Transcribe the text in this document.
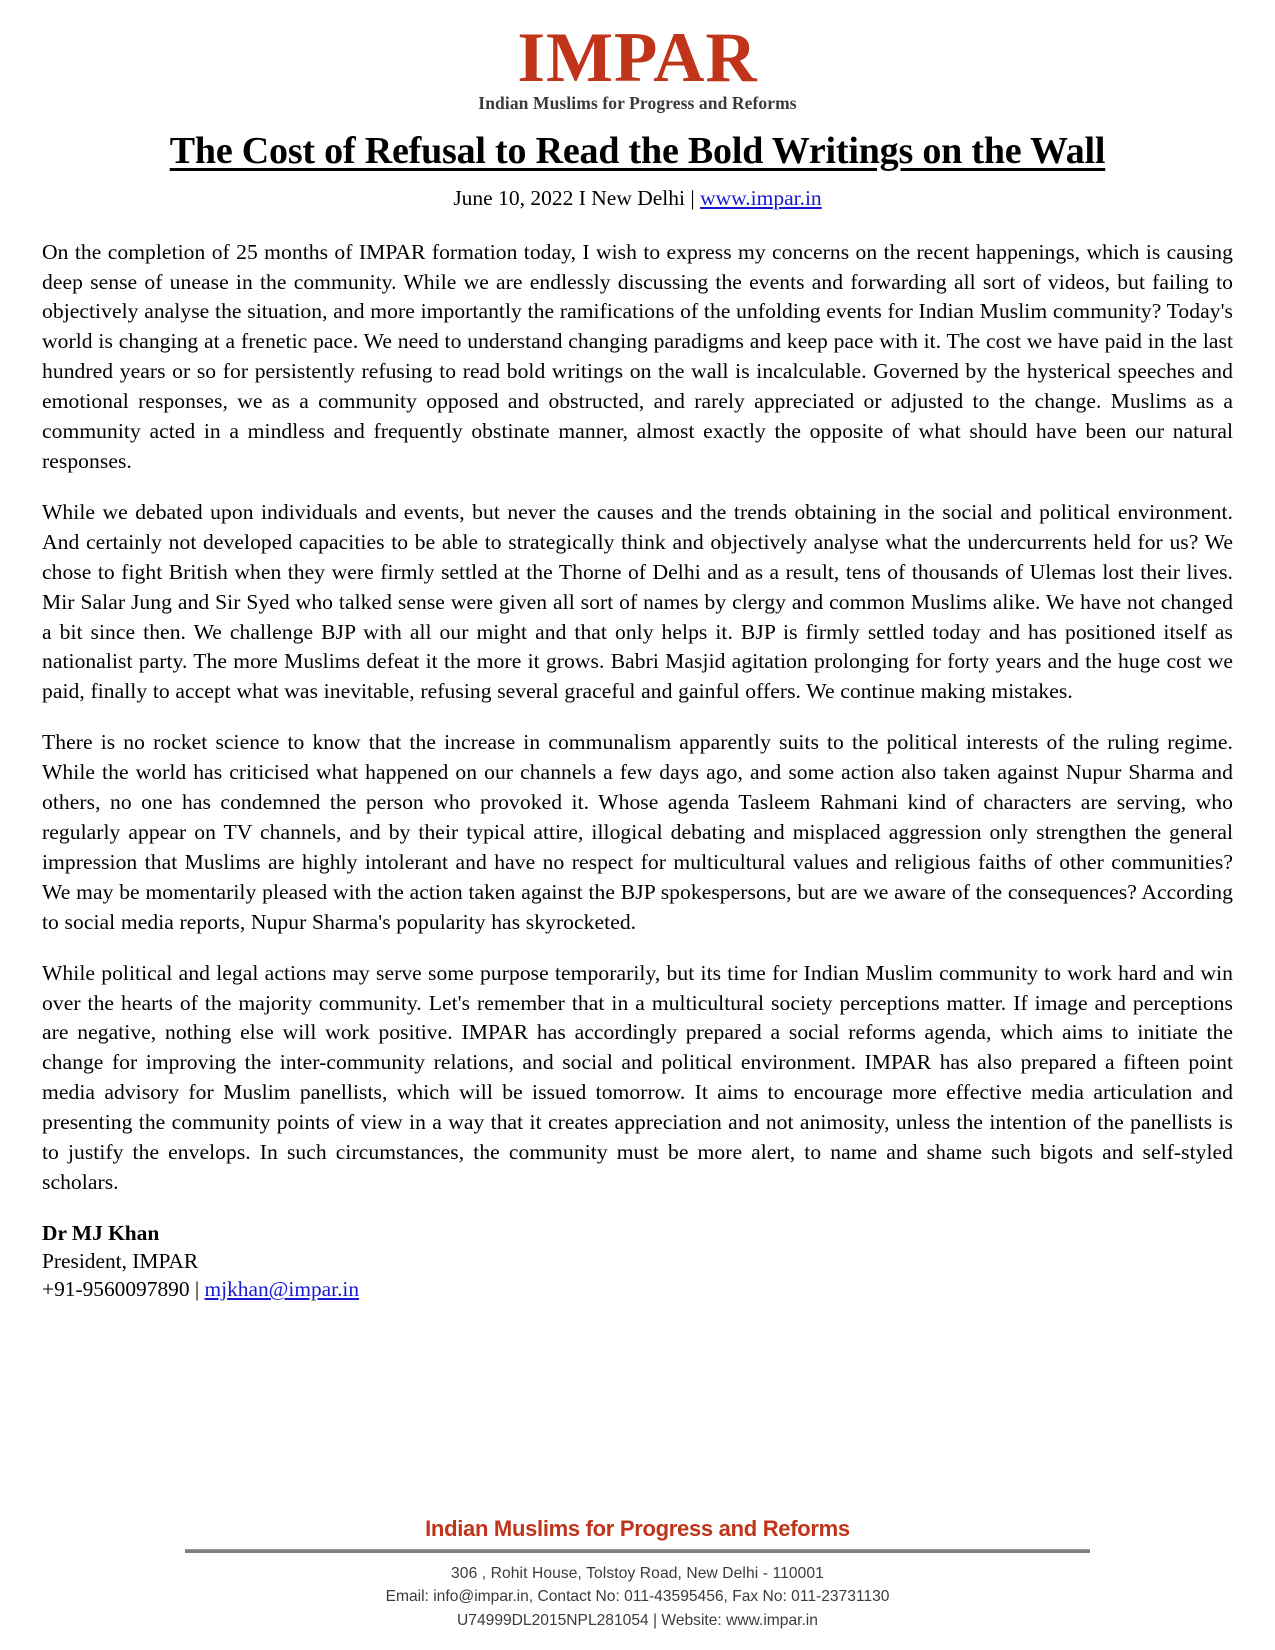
IMPAR
Indian Muslims for Progress and Reforms
The Cost of Refusal to Read the Bold Writings on the Wall
June 10, 2022 I New Delhi | www.impar.in

On the completion of 25 months of IMPAR formation today, I wish to express my concerns on the recent happenings, which is causing deep sense of unease in the community. While we are endlessly discussing the events and forwarding all sort of videos, but failing to objectively analyse the situation, and more importantly the ramifications of the unfolding events for Indian Muslim community? Today's world is changing at a frenetic pace. We need to understand changing paradigms and keep pace with it. The cost we have paid in the last hundred years or so for persistently refusing to read bold writings on the wall is incalculable. Governed by the hysterical speeches and emotional responses, we as a community opposed and obstructed, and rarely appreciated or adjusted to the change. Muslims as a community acted in a mindless and frequently obstinate manner, almost exactly the opposite of what should have been our natural responses.

While we debated upon individuals and events, but never the causes and the trends obtaining in the social and political environment. And certainly not developed capacities to be able to strategically think and objectively analyse what the undercurrents held for us? We chose to fight British when they were firmly settled at the Thorne of Delhi and as a result, tens of thousands of Ulemas lost their lives. Mir Salar Jung and Sir Syed who talked sense were given all sort of names by clergy and common Muslims alike. We have not changed a bit since then. We challenge BJP with all our might and that only helps it. BJP is firmly settled today and has positioned itself as nationalist party. The more Muslims defeat it the more it grows. Babri Masjid agitation prolonging for forty years and the huge cost we paid, finally to accept what was inevitable, refusing several graceful and gainful offers. We continue making mistakes.

There is no rocket science to know that the increase in communalism apparently suits to the political interests of the ruling regime. While the world has criticised what happened on our channels a few days ago, and some action also taken against Nupur Sharma and others, no one has condemned the person who provoked it. Whose agenda Tasleem Rahmani kind of characters are serving, who regularly appear on TV channels, and by their typical attire, illogical debating and misplaced aggression only strengthen the general impression that Muslims are highly intolerant and have no respect for multicultural values and religious faiths of other communities? We may be momentarily pleased with the action taken against the BJP spokespersons, but are we aware of the consequences? According to social media reports, Nupur Sharma's popularity has skyrocketed.

While political and legal actions may serve some purpose temporarily, but its time for Indian Muslim community to work hard and win over the hearts of the majority community. Let's remember that in a multicultural society perceptions matter. If image and perceptions are negative, nothing else will work positive. IMPAR has accordingly prepared a social reforms agenda, which aims to initiate the change for improving the inter-community relations, and social and political environment. IMPAR has also prepared a fifteen point media advisory for Muslim panellists, which will be issued tomorrow. It aims to encourage more effective media articulation and presenting the community points of view in a way that it creates appreciation and not animosity, unless the intention of the panellists is to justify the envelops. In such circumstances, the community must be more alert, to name and shame such bigots and self-styled scholars.

Dr MJ Khan
President, IMPAR
+91-9560097890 | mjkhan@impar.in
Indian Muslims for Progress and Reforms
306 , Rohit House, Tolstoy Road, New Delhi - 110001
Email: info@impar.in, Contact No: 011-43595456, Fax No: 011-23731130
U74999DL2015NPL281054 | Website: www.impar.in
